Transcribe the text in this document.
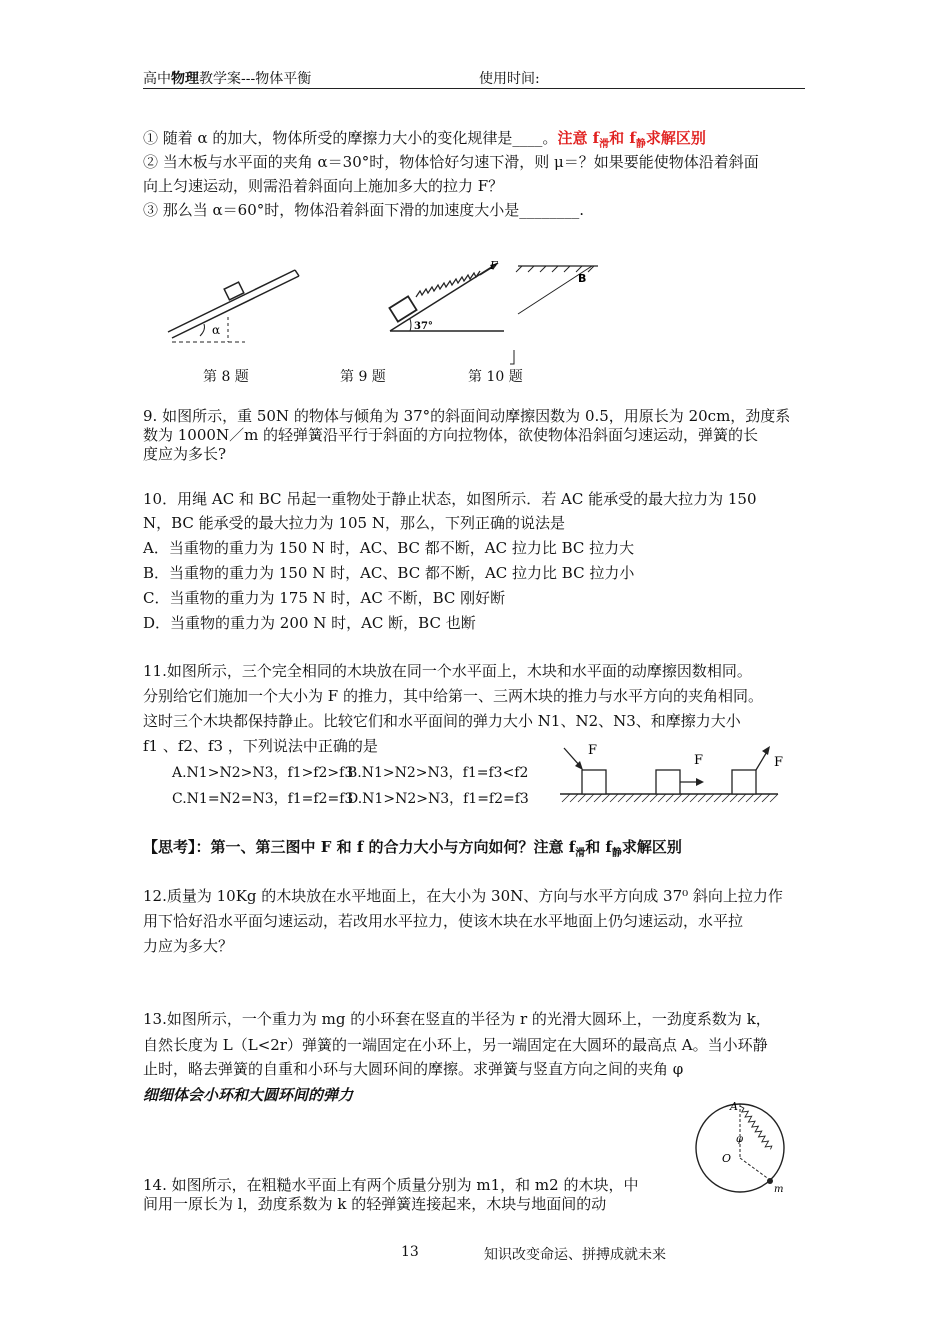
高中物理教学案---物体平衡	使用时间:
① 随着 α 的加大，物体所受的摩擦力大小的变化规律是____。注意 $f_滑$和 $f_静$求解区别
② 当木板与水平面的夹角 α＝30°时，物体恰好匀速下滑，则 μ＝？如果要能使物体沿着斜面
向上匀速运动，则需沿着斜面向上施加多大的拉力 F？
③ 那么当 α＝60°时，物体沿着斜面下滑的加速度大小是________.
α
F
37°
B
第 8 题	第 9 题	第 10 题
9. 如图所示，重 50N 的物体与倾角为 37°的斜面间动摩擦因数为 0.5，用原长为 20cm，劲度系
数为 1000N／m 的轻弹簧沿平行于斜面的方向拉物体，欲使物体沿斜面匀速运动，弹簧的长
度应为多长?
10．用绳 AC 和 BC 吊起一重物处于静止状态，如图所示．若 AC 能承受的最大拉力为 150
N，BC 能承受的最大拉力为 105 N，那么，下列正确的说法是
A．当重物的重力为 150 N 时，AC、BC 都不断，AC 拉力比 BC 拉力大
B．当重物的重力为 150 N 时，AC、BC 都不断，AC 拉力比 BC 拉力小
C．当重物的重力为 175 N 时，AC 不断，BC 刚好断
D．当重物的重力为 200 N 时，AC 断，BC 也断
11.如图所示，三个完全相同的木块放在同一个水平面上，木块和水平面的动摩擦因数相同。
分别给它们施加一个大小为 F 的推力，其中给第一、三两木块的推力与水平方向的夹角相同。
这时三个木块都保持静止。比较它们和水平面间的弹力大小 N1、N2、N3、和摩擦力大小
f1 、f2、f3 ，下列说法中正确的是
A.N1>N2>N3，f1>f2>f3
B.N1>N2>N3，f1=f3<f2
C.N1=N2=N3，f1=f2=f3
D.N1>N2>N3，f1=f2=f3
F
F	F
【思考】：第一、第三图中 F 和 f 的合力大小与方向如何？注意 $f_滑$和 $f_静$求解区别
12.质量为 10Kg 的木块放在水平地面上，在大小为 30N、方向与水平方向成 37⁰ 斜向上拉力作
用下恰好沿水平面匀速运动，若改用水平拉力，使该木块在水平地面上仍匀速运动，水平拉
力应为多大？
13.如图所示，一个重力为 mg 的小环套在竖直的半径为 r 的光滑大圆环上，一劲度系数为 k，
自然长度为 L（L<2r）弹簧的一端固定在小环上，另一端固定在大圆环的最高点 A。当小环静
止时，略去弹簧的自重和小环与大圆环间的摩擦。求弹簧与竖直方向之间的夹角 φ
细细体会小环和大圆环间的弹力
A
O
m
φ
14. 如图所示，在粗糙水平面上有两个质量分别为 m1，和 m2 的木块，中
间用一原长为 l，劲度系数为 k 的轻弹簧连接起来，木块与地面间的动
13	知识改变命运、拼搏成就未来
